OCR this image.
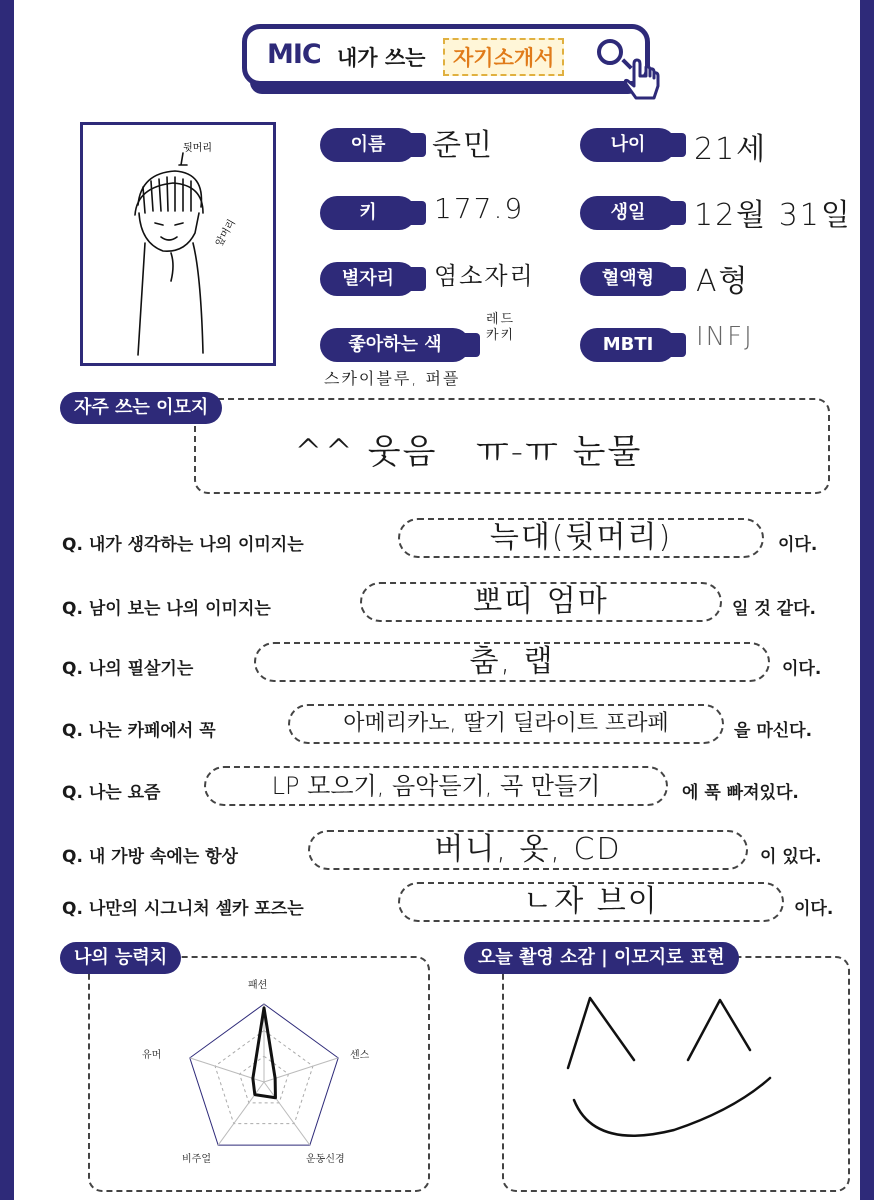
MIC 내가 쓰는	자기소개서
뒷머리
앞머리
이름	준민	나이	21세
키	177.9	생일	12월 31일
별자리	염소자리	혈액형	A형
좋아하는 색
레드 카키
스카이블루, 퍼플
MBTI	INFJ
자주 쓰는 이모지
^^ 웃음   ㅠ-ㅠ 눈물
Q. 내가 생각하는 나의 이미지는	늑대(뒷머리)	이다.
Q. 남이 보는 나의 이미지는	뽀띠 엄마	일 것 같다.
Q. 나의 필살기는	춤, 랩	이다.
Q. 나는 카페에서 꼭	아메리카노, 딸기 딜라이트 프라페	을 마신다.
Q. 나는 요즘	LP 모으기, 음악듣기, 곡 만들기	에 푹 빠져있다.
Q. 내 가방 속에는 항상	버니, 옷, CD	이 있다.
Q. 나만의 시그니처 셀카 포즈는	ㄴ자 브이	이다.
나의 능력치
패션
센스
운동신경
비주얼
유머
오늘 촬영 소감 | 이모지로 표현
